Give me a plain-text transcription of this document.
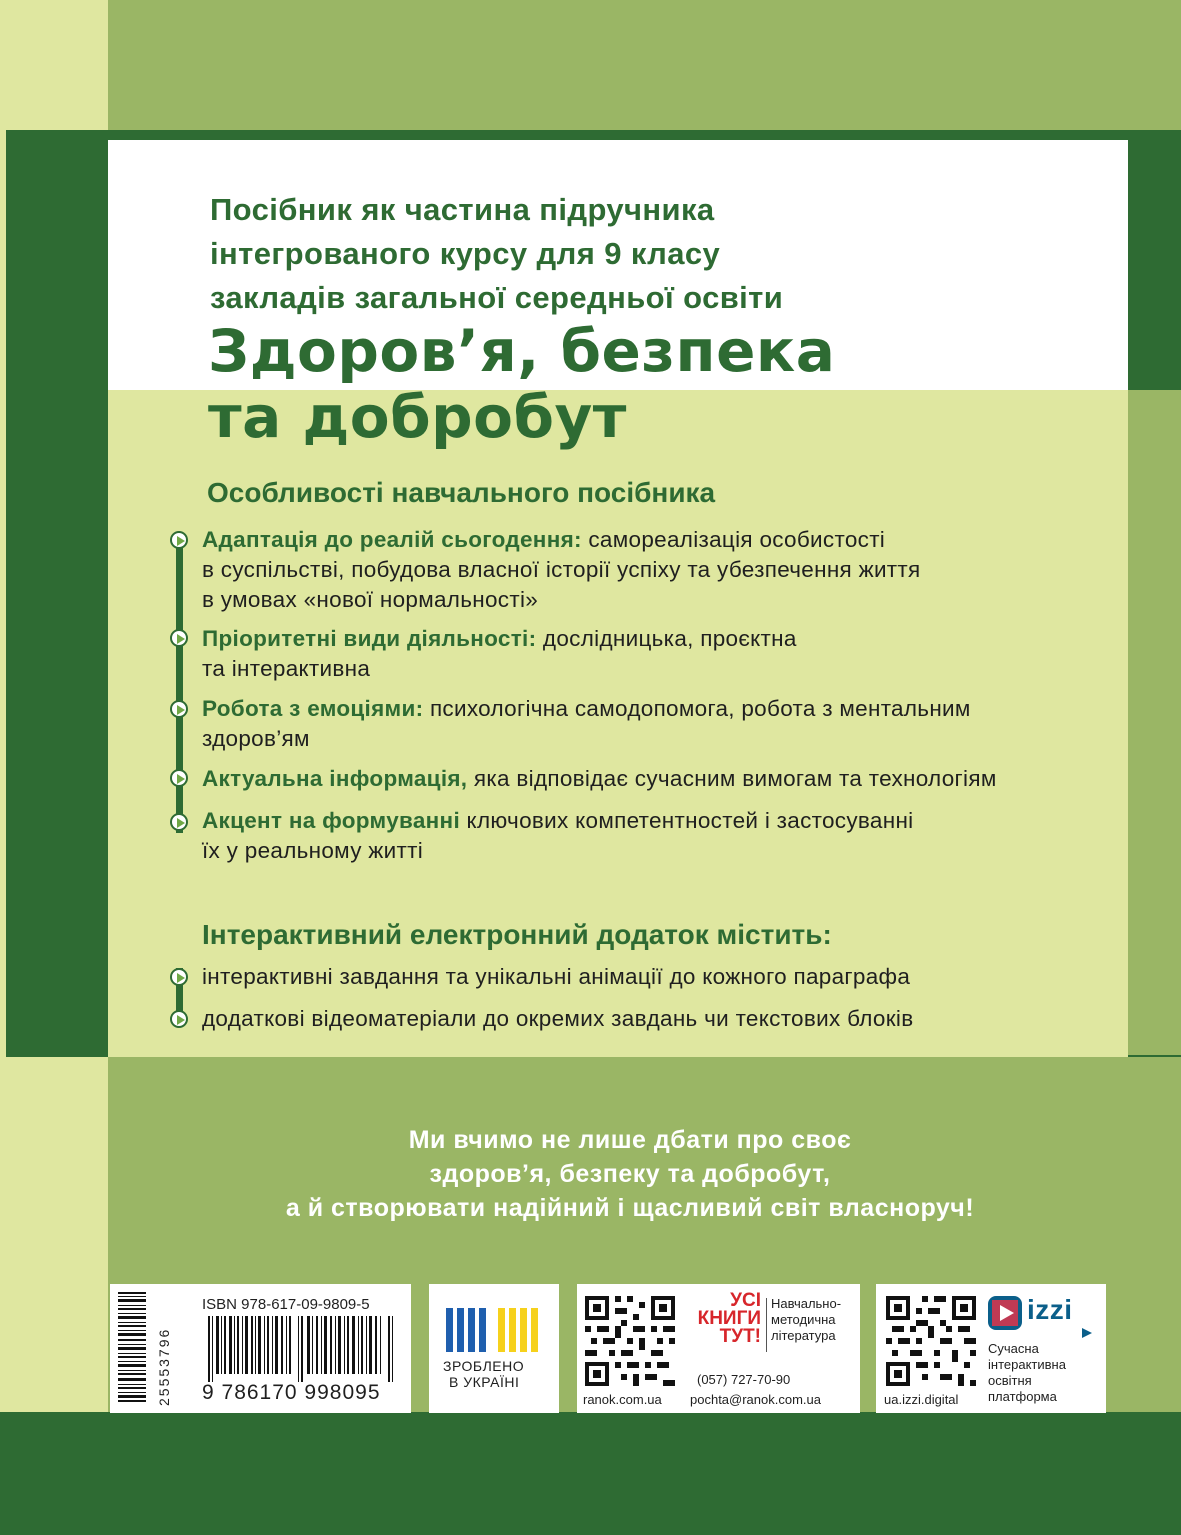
Посібник як частина підручника
інтегрованого курсу для 9 класу
закладів загальної середньої освіти
Здоров’я, безпека
та добробут
Особливості навчального посібника

Адаптація до реалій сьогодення: самореалізація особистості
в суспільстві, побудова власної історії успіху та убезпечення життя
в умовах «нової нормальності»

Пріоритетні види діяльності: дослідницька, проєктна
та інтерактивна

Робота з емоціями: психологічна самодопомога, робота з ментальним
здоров’ям

Актуальна інформація, яка відповідає сучасним вимогам та технологіям

Акцент на формуванні ключових компетентностей і застосуванні
їх у реальному житті

Інтерактивний електронний додаток містить:

інтерактивні завдання та унікальні анімації до кожного параграфа

додаткові відеоматеріали до окремих завдань чи текстових блоків

Ми вчимо не лише дбати про своє
здоров’я, безпеку та добробут,
а й створювати надійний і щасливий світ власноруч!

25553796
ISBN 978-617-09-9809-5
9 786170 998095
ЗРОБЛЕНО
В УКРАЇНІ
ranok.com.ua
УСІ
КНИГИ
ТУТ!
Навчально-
методична
література
(057) 727-70-90
pochta@ranok.com.ua	ua.izzi.digital
izzi
Сучасна
інтерактивна
освітня
платформа
